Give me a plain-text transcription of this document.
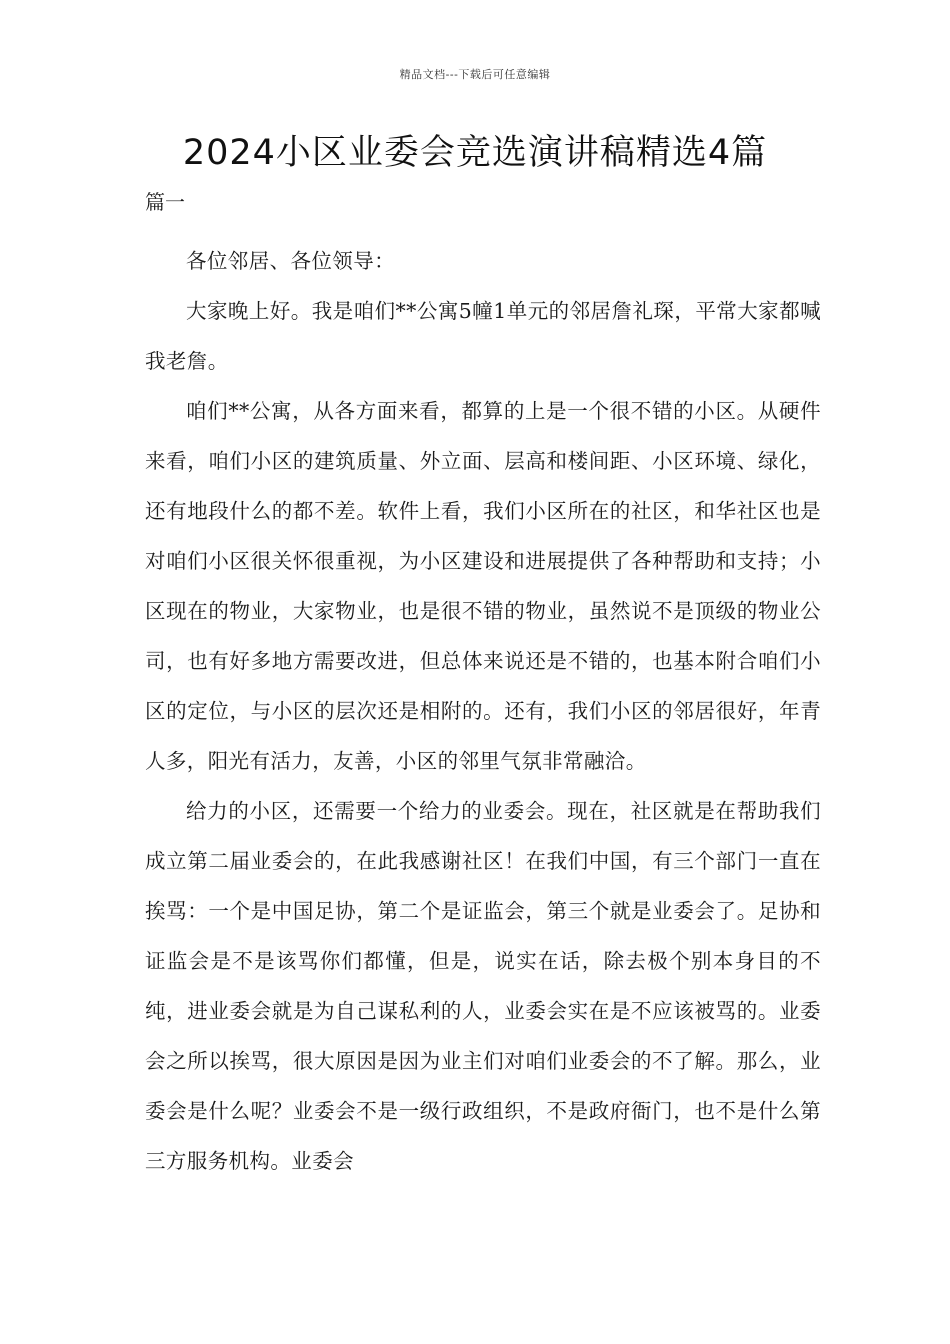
精品文档---下载后可任意编辑
2024小区业委会竞选演讲稿精选4篇
篇一

各位邻居、各位领导：

大家晚上好。我是咱们**公寓5幢1单元的邻居詹礼琛，平常大家都喊我老詹。

咱们**公寓，从各方面来看，都算的上是一个很不错的小区。从硬件来看，咱们小区的建筑质量、外立面、层高和楼间距、小区环境、绿化，还有地段什么的都不差。软件上看，我们小区所在的社区，和华社区也是对咱们小区很关怀很重视，为小区建设和进展提供了各种帮助和支持；小区现在的物业，大家物业，也是很不错的物业，虽然说不是顶级的物业公司，也有好多地方需要改进，但总体来说还是不错的，也基本附合咱们小区的定位，与小区的层次还是相附的。还有，我们小区的邻居很好，年青人多，阳光有活力，友善，小区的邻里气氛非常融洽。

给力的小区，还需要一个给力的业委会。现在，社区就是在帮助我们成立第二届业委会的，在此我感谢社区！在我们中国，有三个部门一直在挨骂：一个是中国足协，第二个是证监会，第三个就是业委会了。足协和证监会是不是该骂你们都懂，但是，说实在话，除去极个别本身目的不纯，进业委会就是为自己谋私利的人，业委会实在是不应该被骂的。业委会之所以挨骂，很大原因是因为业主们对咱们业委会的不了解。那么，业委会是什么呢？业委会不是一级行政组织，不是政府衙门，也不是什么第三方服务机构。业委会
